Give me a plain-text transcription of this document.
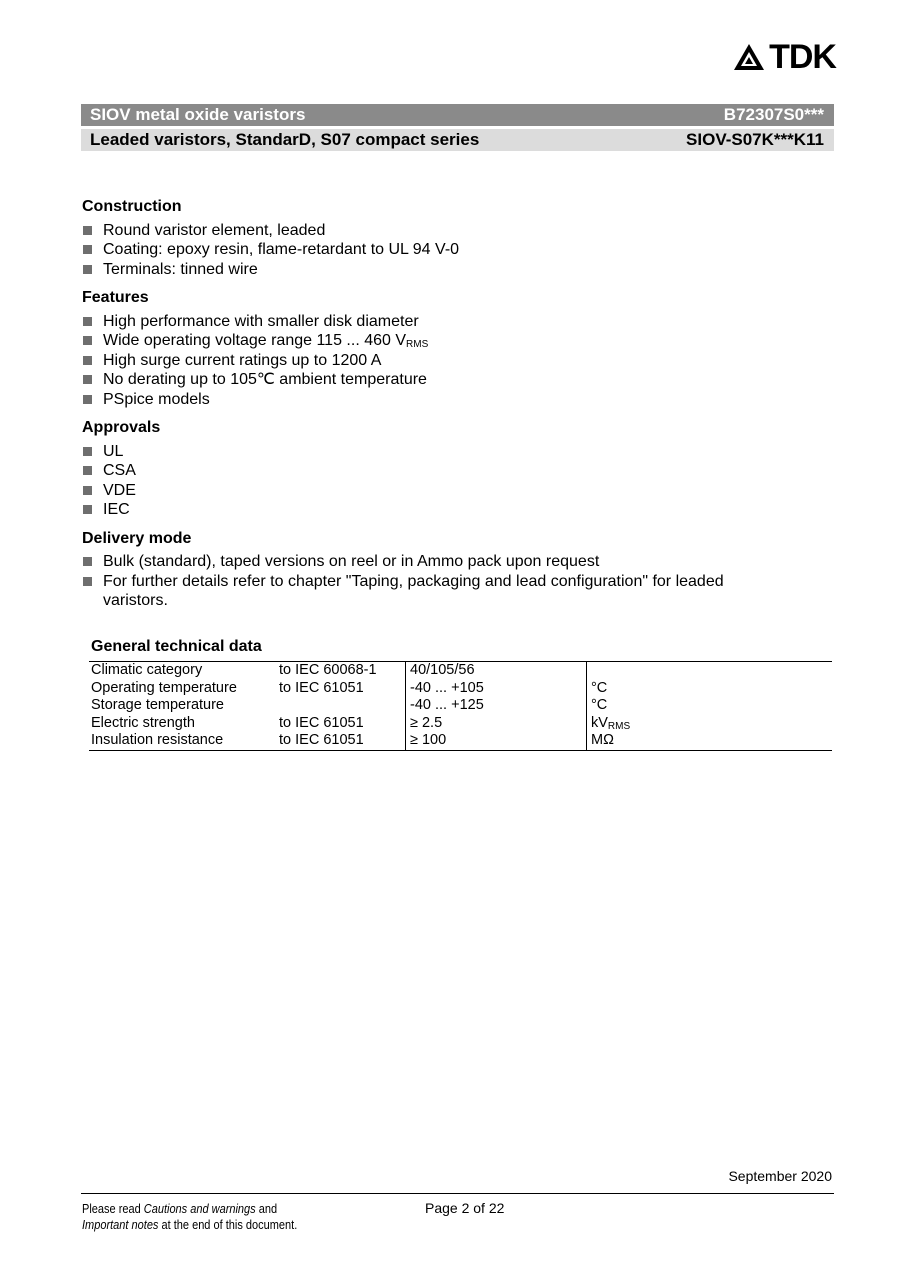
TDK
SIOV metal oxide varistors	B72307S0***
Leaded varistors, StandarD, S07 compact series	SIOV-S07K***K11
Construction
Round varistor element, leaded
Coating: epoxy resin, flame-retardant to UL 94 V-0
Terminals: tinned wire
Features
High performance with smaller disk diameter
Wide operating voltage range 115 ... 460 $V_{RMS}$
High surge current ratings up to 1200 A
No derating up to 105℃ ambient temperature
PSpice models
Approvals
UL
CSA
VDE
IEC
Delivery mode
Bulk (standard), taped versions on reel or in Ammo pack upon request
For further details refer to chapter "Taping, packaging and lead configuration" for leaded varistors.
General technical data
Climatic category	to IEC 60068-1	40/105/56	
Operating temperature	to IEC 61051	-40 ... +105	°C
Storage temperature		-40 ... +125	°C
Electric strength	to IEC 61051	≥ 2.5	$kV_{RMS}$
Insulation resistance	to IEC 61051	≥ 100	MΩ
September 2020
Please read Cautions and warnings and
Important notes at the end of this document.
Page 2 of 22
